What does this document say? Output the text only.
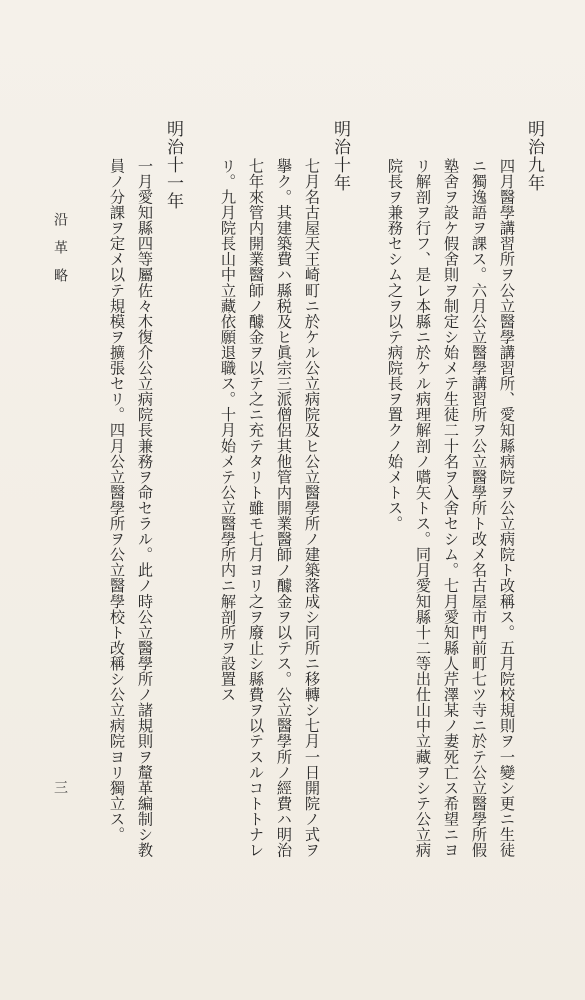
明治九年
四月醫學講習所ヲ公立醫學講習所、愛知縣病院ヲ公立病院ト改稱ス。五月院校規則ヲ一變シ更ニ生徒
ニ獨逸語ヲ課ス。六月公立醫學講習所ヲ公立醫學所ト改メ名古屋市門前町七ツ寺ニ於テ公立醫學所假
塾舍ヲ設ケ假舍則ヲ制定シ始メテ生徒二十名ヲ入舍セシム。七月愛知縣人芹澤某ノ妻死亡ス希望ニヨ
リ解剖ヲ行フ、是レ本縣ニ於ケル病理解剖ノ嚆矢トス。同月愛知縣十二等出仕山中立藏ヲシテ公立病
院長ヲ兼務セシム之ヲ以テ病院長ヲ置クノ始メトス。
明治十年
七月名古屋天王崎町ニ於ケル公立病院及ヒ公立醫學所ノ建築落成シ同所ニ移轉シ七月一日開院ノ式ヲ
擧ク。其建築費ハ縣税及ヒ眞宗三派僧侶其他管内開業醫師ノ醵金ヲ以テス。公立醫學所ノ經費ハ明治
七年來管内開業醫師ノ醵金ヲ以テ之ニ充テタリト雖モ七月ヨリ之ヲ廢止シ縣費ヲ以テスルコトトナレ
リ。九月院長山中立藏依願退職ス。十月始メテ公立醫學所内ニ解剖所ヲ設置ス
明治十一年
一月愛知縣四等屬佐々木復介公立病院長兼務ヲ命セラル。此ノ時公立醫學所ノ諸規則ヲ釐革編制シ教
員ノ分課ヲ定メ以テ規模ヲ擴張セリ。四月公立醫學所ヲ公立醫學校ト改稱シ公立病院ヨリ獨立ス。
沿革略
三
